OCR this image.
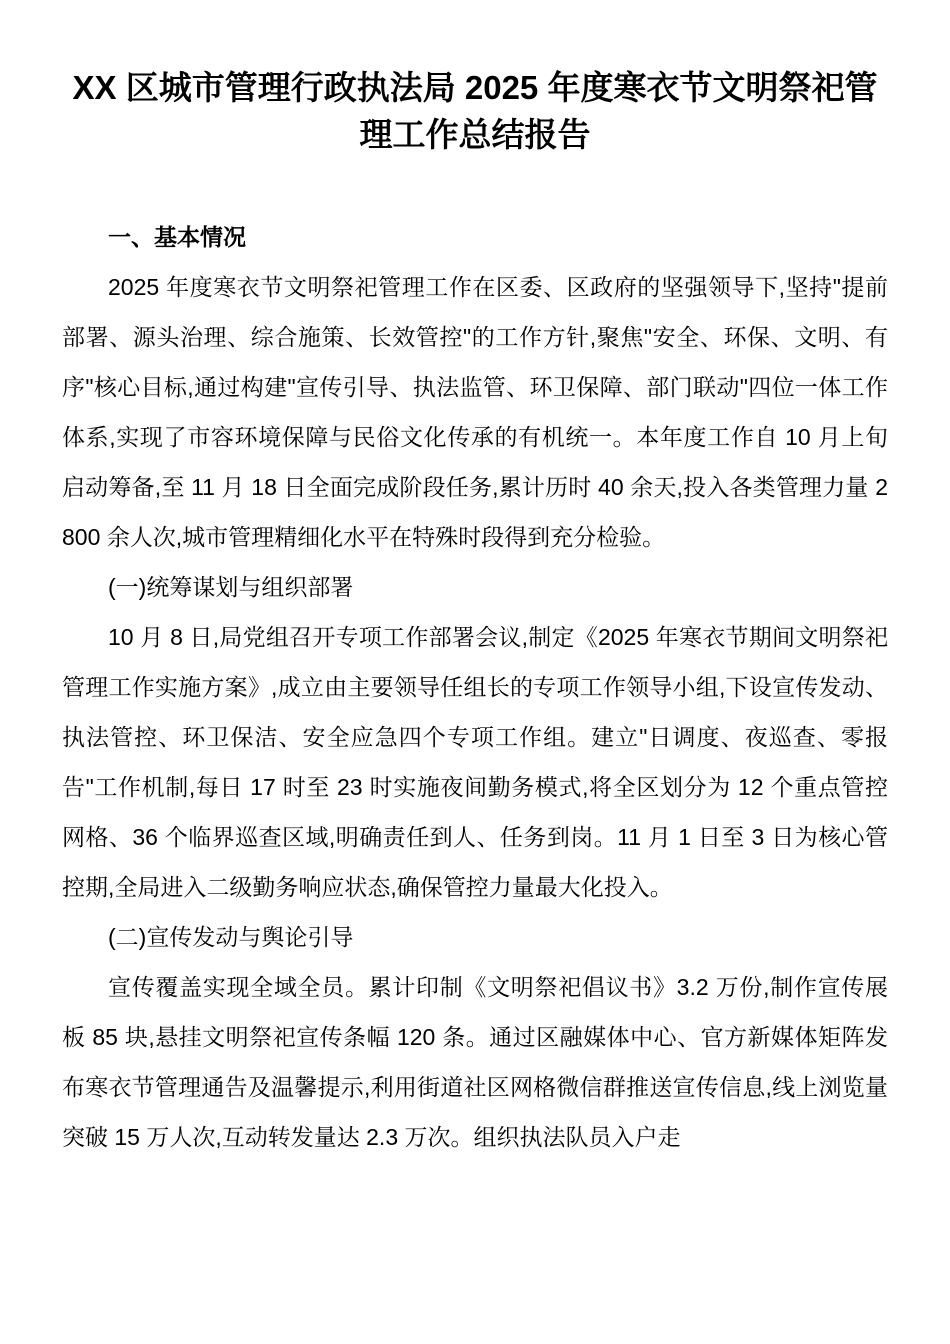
XX 区城市管理行政执法局 2025 年度寒衣节文明祭祀管理工作总结报告

一、基本情况

2025 年度寒衣节文明祭祀管理工作在区委、区政府的坚强领导下,坚持"提前部署、源头治理、综合施策、长效管控"的工作方针,聚焦"安全、环保、文明、有序"核心目标,通过构建"宣传引导、执法监管、环卫保障、部门联动"四位一体工作体系,实现了市容环境保障与民俗文化传承的有机统一。本年度工作自 10 月上旬启动筹备,至 11 月 18 日全面完成阶段任务,累计历时 40 余天,投入各类管理力量 2800 余人次,城市管理精细化水平在特殊时段得到充分检验。

(一)统筹谋划与组织部署

10 月 8 日,局党组召开专项工作部署会议,制定《2025 年寒衣节期间文明祭祀管理工作实施方案》,成立由主要领导任组长的专项工作领导小组,下设宣传发动、执法管控、环卫保洁、安全应急四个专项工作组。建立"日调度、夜巡查、零报告"工作机制,每日 17 时至 23 时实施夜间勤务模式,将全区划分为 12 个重点管控网格、36 个临界巡查区域,明确责任到人、任务到岗。11 月 1 日至 3 日为核心管控期,全局进入二级勤务响应状态,确保管控力量最大化投入。

(二)宣传发动与舆论引导

宣传覆盖实现全域全员。累计印制《文明祭祀倡议书》3.2 万份,制作宣传展板 85 块,悬挂文明祭祀宣传条幅 120 条。通过区融媒体中心、官方新媒体矩阵发布寒衣节管理通告及温馨提示,利用街道社区网格微信群推送宣传信息,线上浏览量突破 15 万人次,互动转发量达 2.3 万次。组织执法队员入户走
